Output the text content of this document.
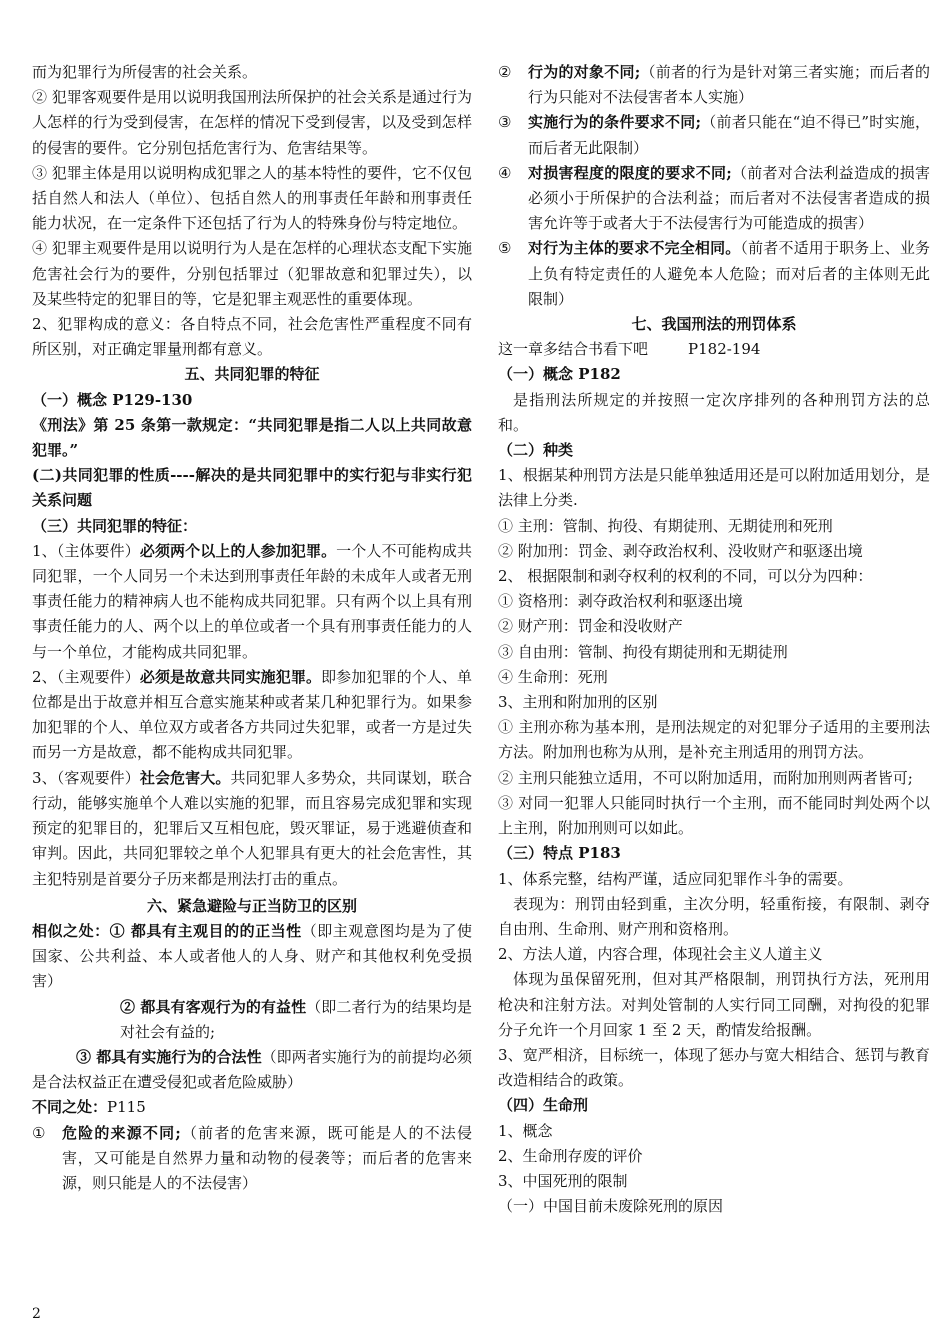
而为犯罪行为所侵害的社会关系。

② 犯罪客观要件是用以说明我国刑法所保护的社会关系是通过行为人怎样的行为受到侵害，在怎样的情况下受到侵害，以及受到怎样的侵害的要件。它分别包括危害行为、危害结果等。

③ 犯罪主体是用以说明构成犯罪之人的基本特性的要件，它不仅包括自然人和法人（单位）、包括自然人的刑事责任年龄和刑事责任能力状况，在一定条件下还包括了行为人的特殊身份与特定地位。

④ 犯罪主观要件是用以说明行为人是在怎样的心理状态支配下实施危害社会行为的要件，分别包括罪过（犯罪故意和犯罪过失），以及某些特定的犯罪目的等，它是犯罪主观恶性的重要体现。

2、犯罪构成的意义：各自特点不同，社会危害性严重程度不同有所区别，对正确定罪量刑都有意义。

五、共同犯罪的特征

（一）概念 P129-130

《刑法》第 25 条第一款规定：“共同犯罪是指二人以上共同故意犯罪。”

(二)共同犯罪的性质----解决的是共同犯罪中的实行犯与非实行犯关系问题

（三）共同犯罪的特征：

1、（主体要件）必须两个以上的人参加犯罪。一个人不可能构成共同犯罪，一个人同另一个未达到刑事责任年龄的未成年人或者无刑事责任能力的精神病人也不能构成共同犯罪。只有两个以上具有刑事责任能力的人、两个以上的单位或者一个具有刑事责任能力的人与一个单位，才能构成共同犯罪。

2、（主观要件）必须是故意共同实施犯罪。即参加犯罪的个人、单位都是出于故意并相互合意实施某种或者某几种犯罪行为。如果参加犯罪的个人、单位双方或者各方共同过失犯罪，或者一方是过失而另一方是故意，都不能构成共同犯罪。

3、（客观要件）社会危害大。共同犯罪人多势众，共同谋划，联合行动，能够实施单个人难以实施的犯罪，而且容易完成犯罪和实现预定的犯罪目的，犯罪后又互相包庇，毁灭罪证，易于逃避侦查和审判。因此，共同犯罪较之单个人犯罪具有更大的社会危害性，其主犯特别是首要分子历来都是刑法打击的重点。

六、紧急避险与正当防卫的区别

相似之处：① 都具有主观目的的正当性（即主观意图均是为了使国家、公共利益、本人或者他人的人身、财产和其他权利免受损害）

② 都具有客观行为的有益性（即二者行为的结果均是对社会有益的;

③ 都具有实施行为的合法性（即两者实施行为的前提均必须是合法权益正在遭受侵犯或者危险威胁）

不同之处：P115

①	危险的来源不同;（前者的危害来源，既可能是人的不法侵害，又可能是自然界力量和动物的侵袭等；而后者的危害来源，则只能是人的不法侵害）
②	行为的对象不同;（前者的行为是针对第三者实施；而后者的行为只能对不法侵害者本人实施）
③	实施行为的条件要求不同;（前者只能在“迫不得已”时实施，而后者无此限制）
④	对损害程度的限度的要求不同;（前者对合法利益造成的损害必须小于所保护的合法利益；而后者对不法侵害者造成的损害允许等于或者大于不法侵害行为可能造成的损害）
⑤	对行为主体的要求不完全相同。（前者不适用于职务上、业务上负有特定责任的人避免本人危险；而对后者的主体则无此限制）

七、我国刑法的刑罚体系

这一章多结合书看下吧	P182-194

（一）概念 P182

是指刑法所规定的并按照一定次序排列的各种刑罚方法的总和。

（二）种类

1、根据某种刑罚方法是只能单独适用还是可以附加适用划分，是法律上分类.

① 主刑：管制、拘役、有期徒刑、无期徒刑和死刑

② 附加刑：罚金、剥夺政治权利、没收财产和驱逐出境

2、 根据限制和剥夺权利的权利的不同，可以分为四种：

① 资格刑：剥夺政治权利和驱逐出境

② 财产刑：罚金和没收财产

③ 自由刑：管制、拘役有期徒刑和无期徒刑

④ 生命刑：死刑

3、主刑和附加刑的区别

① 主刑亦称为基本刑，是刑法规定的对犯罪分子适用的主要刑法方法。附加刑也称为从刑，是补充主刑适用的刑罚方法。

② 主刑只能独立适用，不可以附加适用，而附加刑则两者皆可;

③ 对同一犯罪人只能同时执行一个主刑，而不能同时判处两个以上主刑，附加刑则可以如此。

（三）特点 P183

1、体系完整，结构严谨，适应同犯罪作斗争的需要。

表现为：刑罚由轻到重，主次分明，轻重衔接，有限制、剥夺自由刑、生命刑、财产刑和资格刑。

2、方法人道，内容合理，体现社会主义人道主义

体现为虽保留死刑，但对其严格限制，刑罚执行方法，死刑用枪决和注射方法。对判处管制的人实行同工同酬，对拘役的犯罪分子允许一个月回家 1 至 2 天，酌情发给报酬。

3、宽严相济，目标统一，体现了惩办与宽大相结合、惩罚与教育改造相结合的政策。

（四）生命刑

1、概念

2、生命刑存废的评价

3、中国死刑的限制

（一）中国目前未废除死刑的原因

2
